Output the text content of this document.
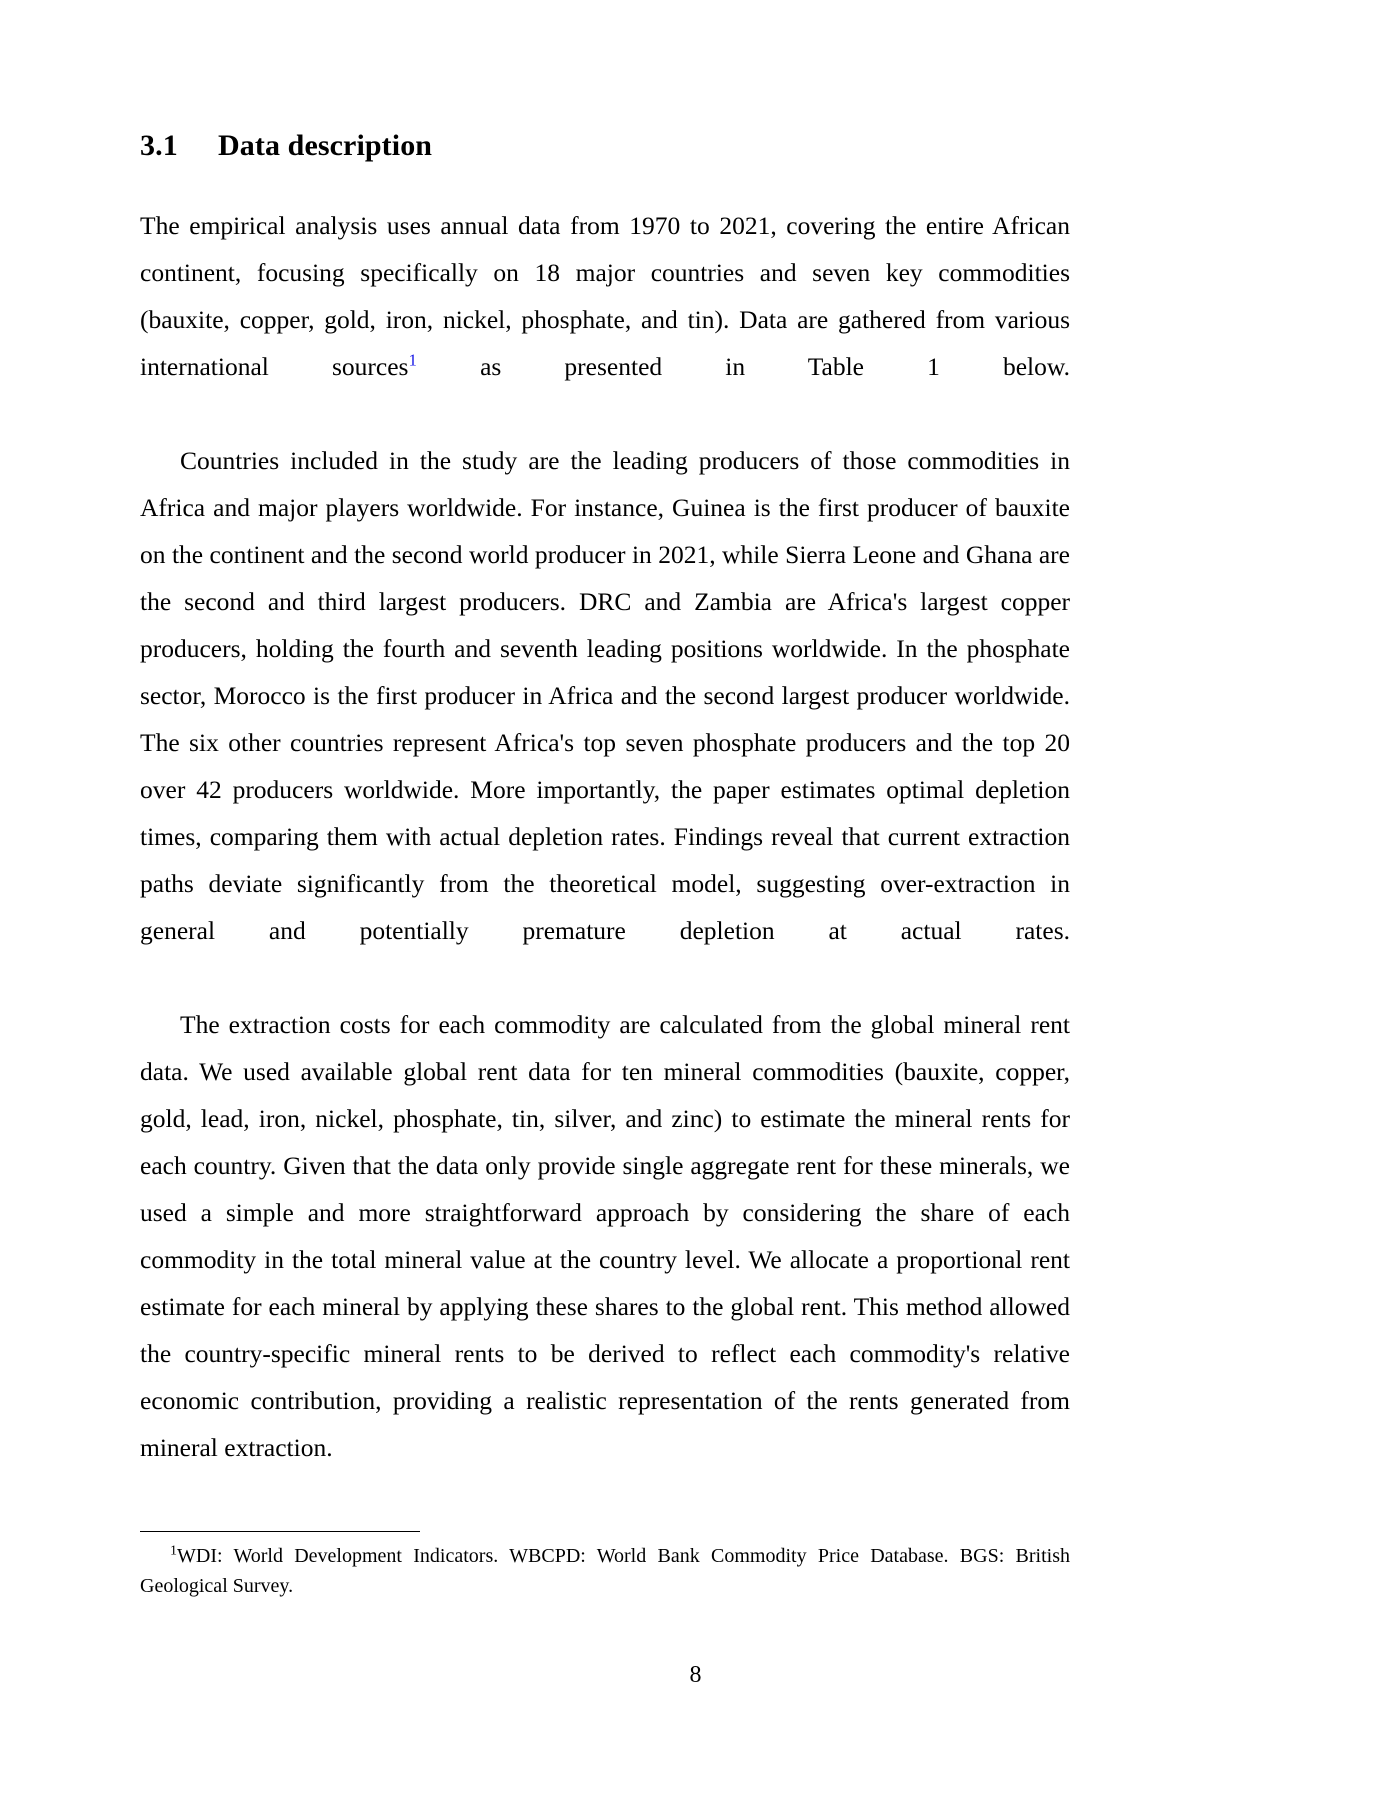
3.1 Data description

The empirical analysis uses annual data from 1970 to 2021, covering the entire African continent, focusing specifically on 18 major countries and seven key commodities (bauxite, copper, gold, iron, nickel, phosphate, and tin). Data are gathered from various international sources$^1$ as presented in Table 1 below.

Countries included in the study are the leading producers of those commodities in Africa and major players worldwide. For instance, Guinea is the first producer of bauxite on the continent and the second world producer in 2021, while Sierra Leone and Ghana are the second and third largest producers. DRC and Zambia are Africa's largest copper producers, holding the fourth and seventh leading positions worldwide. In the phosphate sector, Morocco is the first producer in Africa and the second largest producer worldwide. The six other countries represent Africa's top seven phosphate producers and the top 20 over 42 producers worldwide. More importantly, the paper estimates optimal depletion times, comparing them with actual depletion rates. Findings reveal that current extraction paths deviate significantly from the theoretical model, suggesting over-extraction in general and potentially premature depletion at actual rates.

The extraction costs for each commodity are calculated from the global mineral rent data. We used available global rent data for ten mineral commodities (bauxite, copper, gold, lead, iron, nickel, phosphate, tin, silver, and zinc) to estimate the mineral rents for each country. Given that the data only provide single aggregate rent for these minerals, we used a simple and more straightforward approach by considering the share of each commodity in the total mineral value at the country level. We allocate a proportional rent estimate for each mineral by applying these shares to the global rent. This method allowed the country-specific mineral rents to be derived to reflect each commodity's relative economic contribution, providing a realistic representation of the rents generated from mineral extraction.

$^1$WDI: World Development Indicators. WBCPD: World Bank Commodity Price Database. BGS: British Geological Survey.

8
